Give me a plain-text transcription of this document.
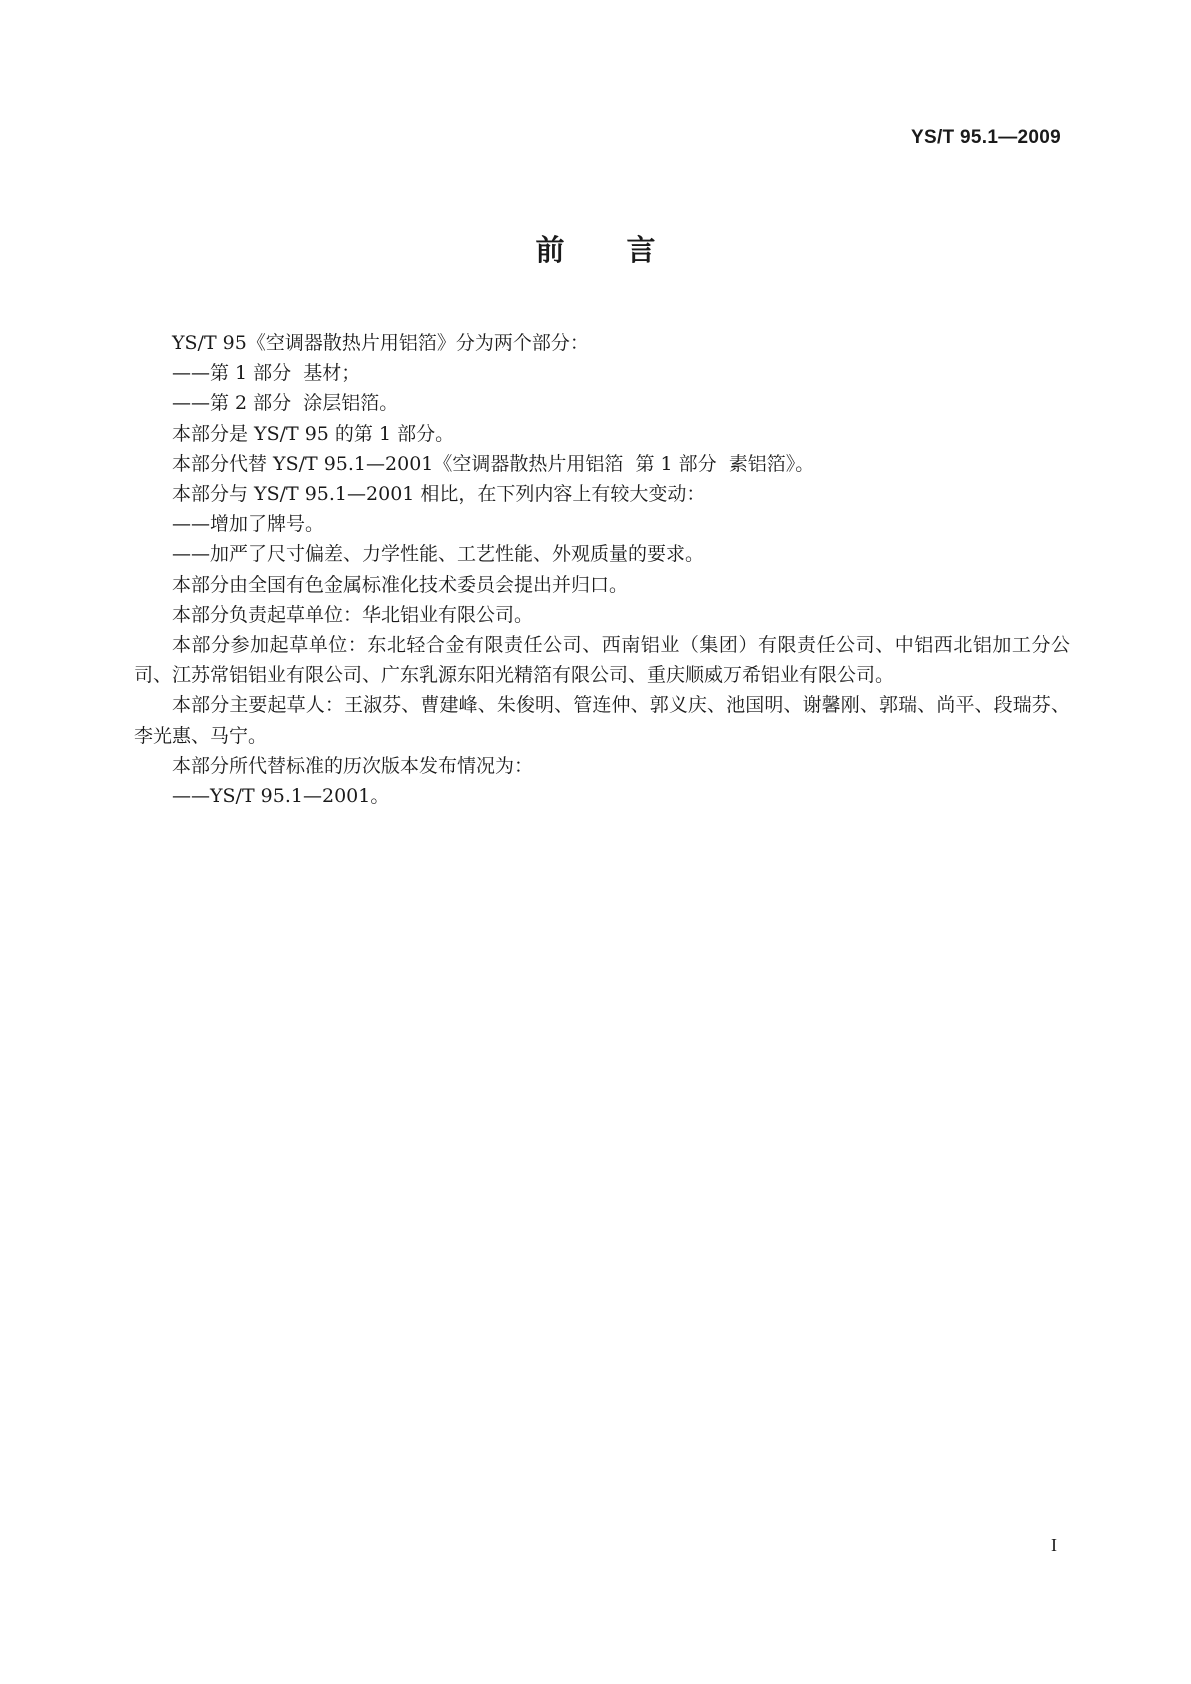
YS/T 95.1—2009
前言

YS/T 95《空调器散热片用铝箔》分为两个部分：

——第 1 部分  基材；

——第 2 部分  涂层铝箔。

本部分是 YS/T 95 的第 1 部分。

本部分代替 YS/T 95.1—2001《空调器散热片用铝箔  第 1 部分  素铝箔》。

本部分与 YS/T 95.1—2001 相比，在下列内容上有较大变动：

——增加了牌号。

——加严了尺寸偏差、力学性能、工艺性能、外观质量的要求。

本部分由全国有色金属标准化技术委员会提出并归口。

本部分负责起草单位：华北铝业有限公司。

本部分参加起草单位：东北轻合金有限责任公司、西南铝业（集团）有限责任公司、中铝西北铝加工分公司、江苏常铝铝业有限公司、广东乳源东阳光精箔有限公司、重庆顺威万希铝业有限公司。

本部分主要起草人：王淑芬、曹建峰、朱俊明、管连仲、郭义庆、池国明、谢馨刚、郭瑞、尚平、段瑞芬、李光惠、马宁。

本部分所代替标准的历次版本发布情况为：

——YS/T 95.1—2001。

I
